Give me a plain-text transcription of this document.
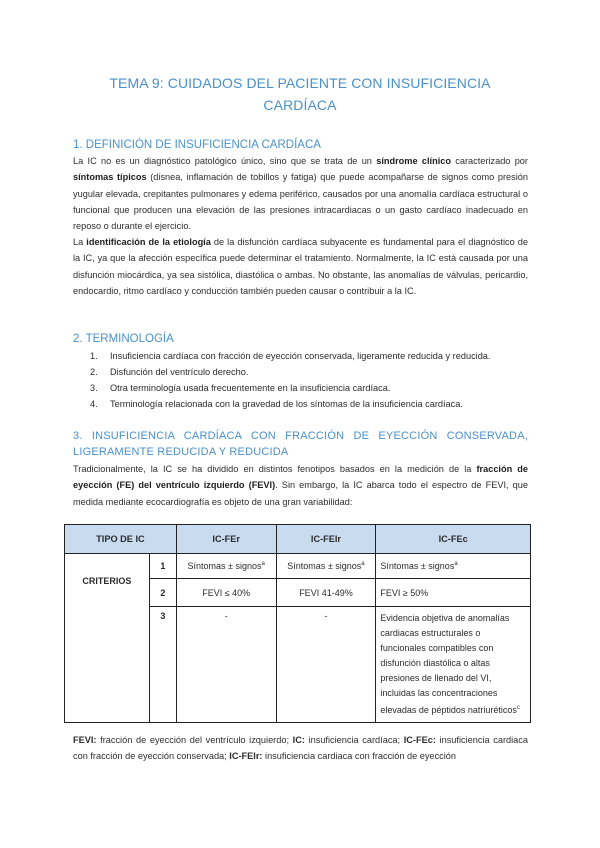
TEMA 9: CUIDADOS DEL PACIENTE CON INSUFICIENCIA
CARDÍACA
1. DEFINICIÓN DE INSUFICIENCIA CARDÍACA
La IC no es un diagnóstico patológico único, sino que se trata de un síndrome clínico caracterizado por síntomas típicos (disnea, inflamación de tobillos y fatiga) que puede acompañarse de signos como presión yugular elevada, crepitantes pulmonares y edema periférico, causados por una anomalía cardíaca estructural o funcional que producen una elevación de las presiones intracardiacas o un gasto cardíaco inadecuado en reposo o durante el ejercicio.
La identificación de la etiología de la disfunción cardíaca subyacente es fundamental para el diagnóstico de la IC, ya que la afección específica puede determinar el tratamiento. Normalmente, la IC está causada por una disfunción miocárdica, ya sea sistólica, diastólica o ambas. No obstante, las anomalías de válvulas, pericardio, endocardio, ritmo cardíaco y conducción también pueden causar o contribuir a la IC.
2. TERMINOLOGÍA
1.	Insuficiencia cardíaca con fracción de eyección conservada, ligeramente reducida y reducida.
2.	Disfunción del ventrículo derecho.
3.	Otra terminología usada frecuentemente en la insuficiencia cardíaca.
4.	Terminología relacionada con la gravedad de los síntomas de la insuficiencia cardíaca.
3. INSUFICIENCIA CARDÍACA CON FRACCIÓN DE EYECCIÓN CONSERVADA, LIGERAMENTE REDUCIDA Y REDUCIDA
Tradicionalmente, la IC se ha dividido en distintos fenotipos basados en la medición de la fracción de eyección (FE) del ventrículo izquierdo (FEVI). Sin embargo, la IC abarca todo el espectro de FEVI, que medida mediante ecocardiografía es objeto de una gran variabilidad:
TIPO DE IC		IC-FEr	IC-FEIr	IC-FEc
CRITERIOS	1	Síntomas ± signos$^a$	Síntomas ± signos$^a$	Síntomas ± signos$^a$
	2	FEVI ≤ 40%	FEVI 41-49%	FEVI ≥ 50%
	3	-	-	Evidencia objetiva de anomalías cardiacas estructurales o funcionales compatibles con disfunción diastólica o altas presiones de llenado del VI, incluidas las concentraciones elevadas de péptidos natriuréticos$^c$
FEVI: fracción de eyección del ventrículo izquierdo; IC: insuficiencia cardíaca; IC-FEc: insuficiencia cardiaca con fracción de eyección conservada; IC-FEIr: insuficiencia cardiaca con fracción de eyección
